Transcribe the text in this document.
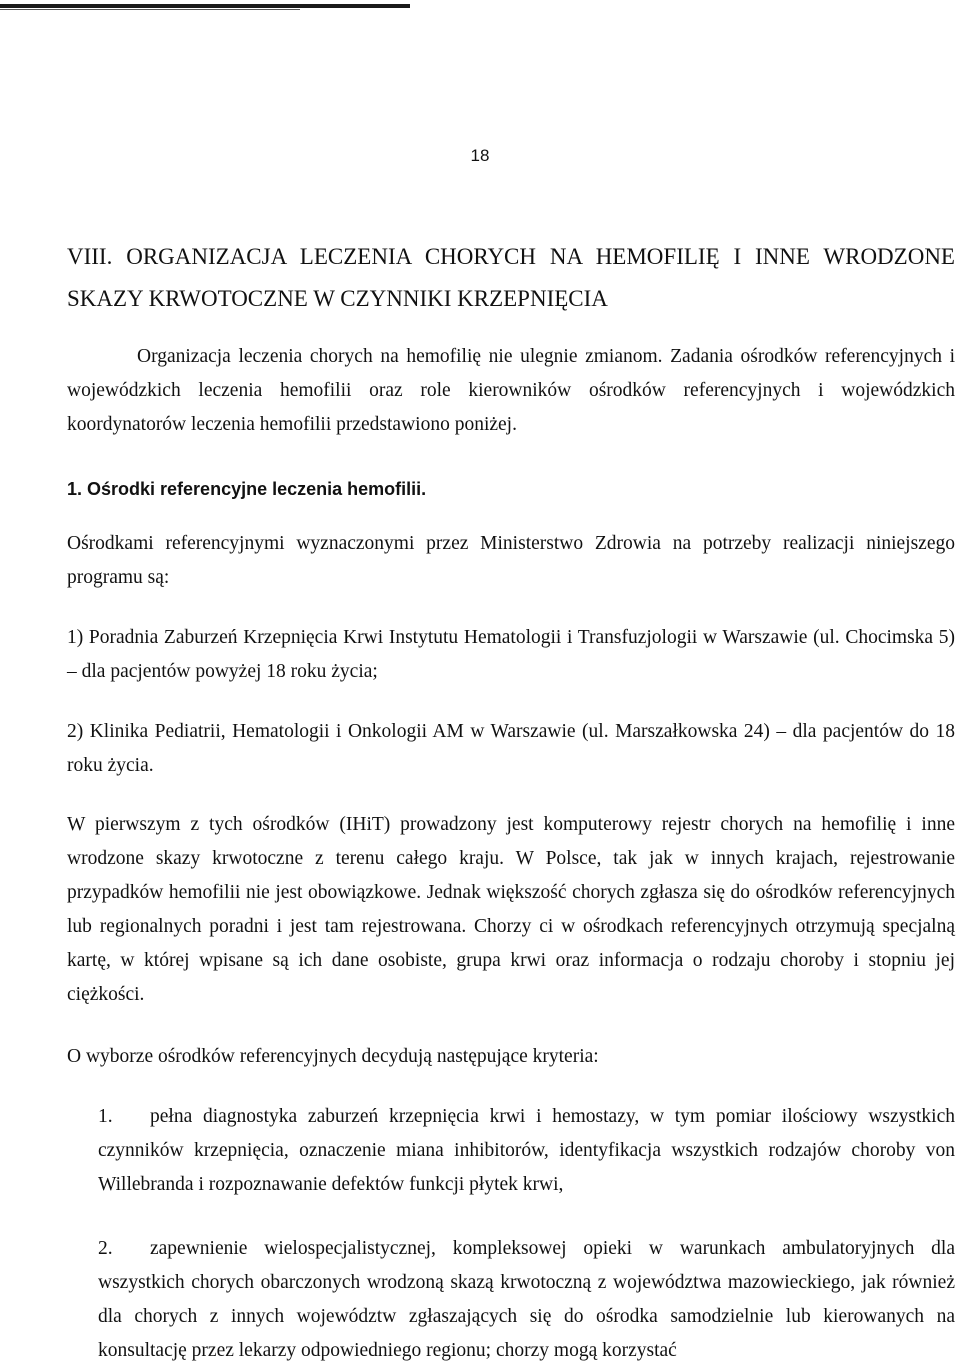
18
VIII. ORGANIZACJA LECZENIA CHORYCH NA HEMOFILIĘ I INNE WRODZONE SKAZY KRWOTOCZNE W CZYNNIKI KRZEPNIĘCIA

Organizacja leczenia chorych na hemofilię nie ulegnie zmianom. Zadania ośrodków referencyjnych i wojewódzkich leczenia hemofilii oraz role kierowników ośrodków referencyjnych i wojewódzkich koordynatorów leczenia hemofilii przedstawiono poniżej.

1. Ośrodki referencyjne leczenia hemofilii.

Ośrodkami referencyjnymi wyznaczonymi przez Ministerstwo Zdrowia na potrzeby realizacji niniejszego programu są:

1) Poradnia Zaburzeń Krzepnięcia Krwi Instytutu Hematologii i Transfuzjologii w Warszawie (ul. Chocimska 5) – dla pacjentów powyżej 18 roku życia;

2) Klinika Pediatrii, Hematologii i Onkologii AM w Warszawie (ul. Marszałkowska 24) – dla pacjentów do 18 roku życia.

W pierwszym z tych ośrodków (IHiT) prowadzony jest komputerowy rejestr chorych na hemofilię i inne wrodzone skazy krwotoczne z terenu całego kraju. W Polsce, tak jak w innych krajach, rejestrowanie przypadków hemofilii nie jest obowiązkowe. Jednak większość chorych zgłasza się do ośrodków referencyjnych lub regionalnych poradni i jest tam rejestrowana. Chorzy ci w ośrodkach referencyjnych otrzymują specjalną kartę, w której wpisane są ich dane osobiste, grupa krwi oraz informacja o rodzaju choroby i stopniu jej ciężkości.

O wyborze ośrodków referencyjnych decydują następujące kryteria:

1. pełna diagnostyka zaburzeń krzepnięcia krwi i hemostazy, w tym pomiar ilościowy wszystkich czynników krzepnięcia, oznaczenie miana inhibitorów, identyfikacja wszystkich rodzajów choroby von Willebranda i rozpoznawanie defektów funkcji płytek krwi,

2. zapewnienie wielospecjalistycznej, kompleksowej opieki w warunkach ambulatoryjnych dla wszystkich chorych obarczonych wrodzoną skazą krwotoczną z województwa mazowieckiego, jak również dla chorych z innych województw zgłaszających się do ośrodka samodzielnie lub kierowanych na konsultację przez lekarzy odpowiedniego regionu; chorzy mogą korzystać
